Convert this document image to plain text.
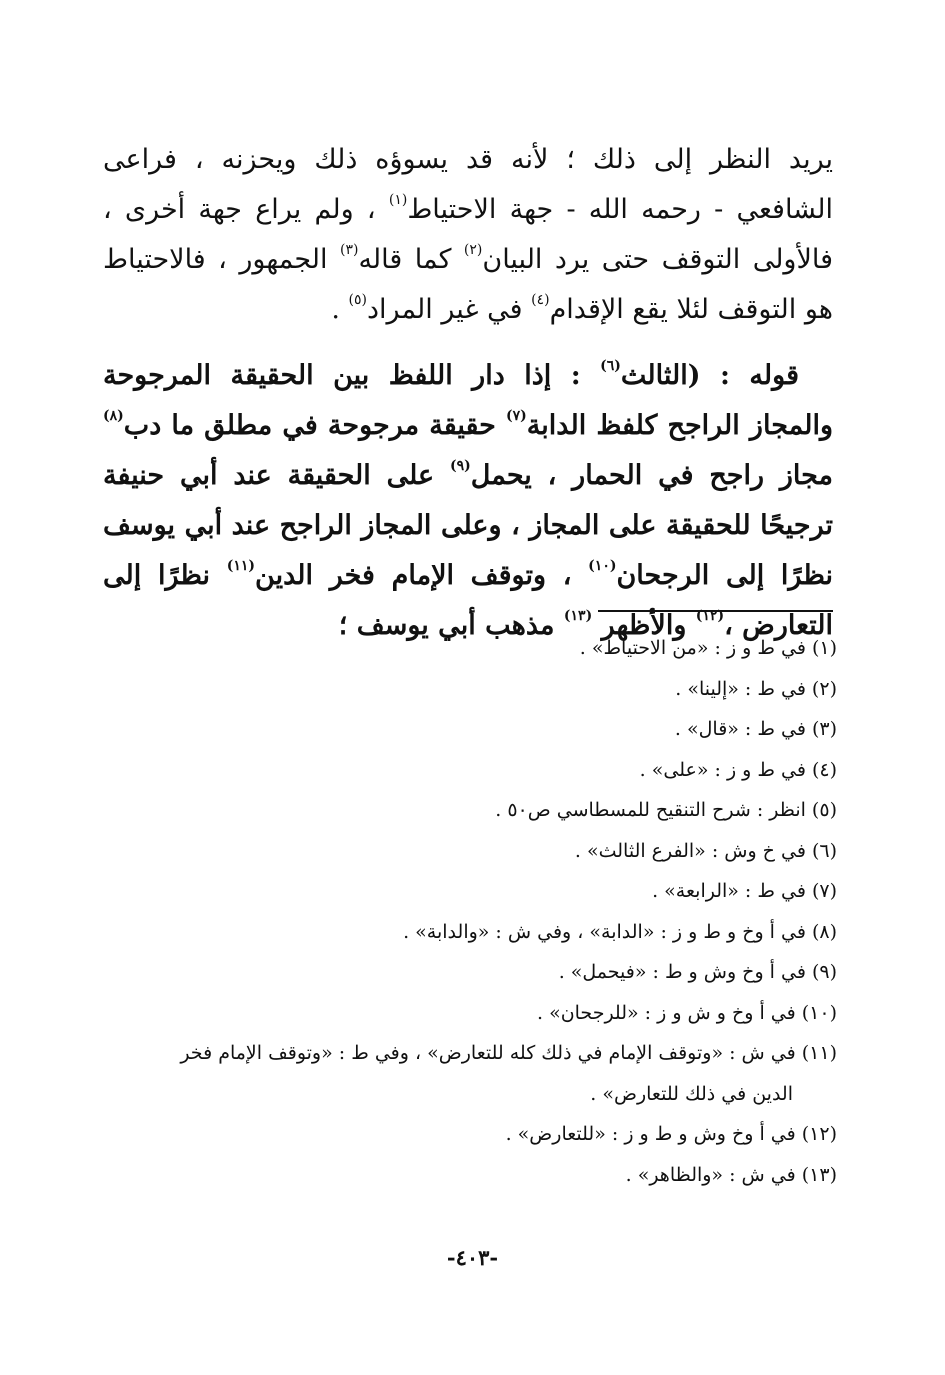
يريد النظر إلى ذلك ؛ لأنه قد يسوؤه ذلك ويحزنه ، فراعى الشافعي - رحمه الله - جهة الاحتياط$^{(١)}$ ، ولم يراع جهة أخرى ، فالأولى التوقف حتى يرد البيان$^{(٢)}$ كما قاله$^{(٣)}$ الجمهور ، فالاحتياط هو التوقف لئلا يقع الإقدام$^{(٤)}$ في غير المراد$^{(٥)}$ .

قوله : (الثالث$^{(٦)}$ : إذا دار اللفظ بين الحقيقة المرجوحة والمجاز الراجح كلفظ الدابة$^{(٧)}$ حقيقة مرجوحة في مطلق ما دب$^{(٨)}$ مجاز راجح في الحمار ، يحمل$^{(٩)}$ على الحقيقة عند أبي حنيفة ترجيحًا للحقيقة على المجاز ، وعلى المجاز الراجح عند أبي يوسف نظرًا إلى الرجحان$^{(١٠)}$ ، وتوقف الإمام فخر الدين$^{(١١)}$ نظرًا إلى التعارض ،$^{(١٢)}$ والأظهر $^{(١٣)}$ مذهب أبي يوسف ؛

(١) في ط و ز : «من الاحتياط» .
(٢) في ط : «إلينا» .
(٣) في ط : «قال» .
(٤) في ط و ز : «على» .
(٥) انظر : شرح التنقيح للمسطاسي ص٥٠ .
(٦) في خ وش : «الفرع الثالث» .
(٧) في ط : «الرابعة» .
(٨) في أ وخ و ط و ز : «الدابة» ، وفي ش : «والدابة» .
(٩) في أ وخ وش و ط : «فيحمل» .
(١٠) في أ وخ و ش و ز : «للرجحان» .
(١١) في ش : «وتوقف الإمام في ذلك كله للتعارض» ، وفي ط : «وتوقف الإمام فخر
الدين في ذلك للتعارض» .
(١٢) في أ وخ وش و ط و ز : «للتعارض» .
(١٣) في ش : «والظاهر» .
-٤٠٣-
